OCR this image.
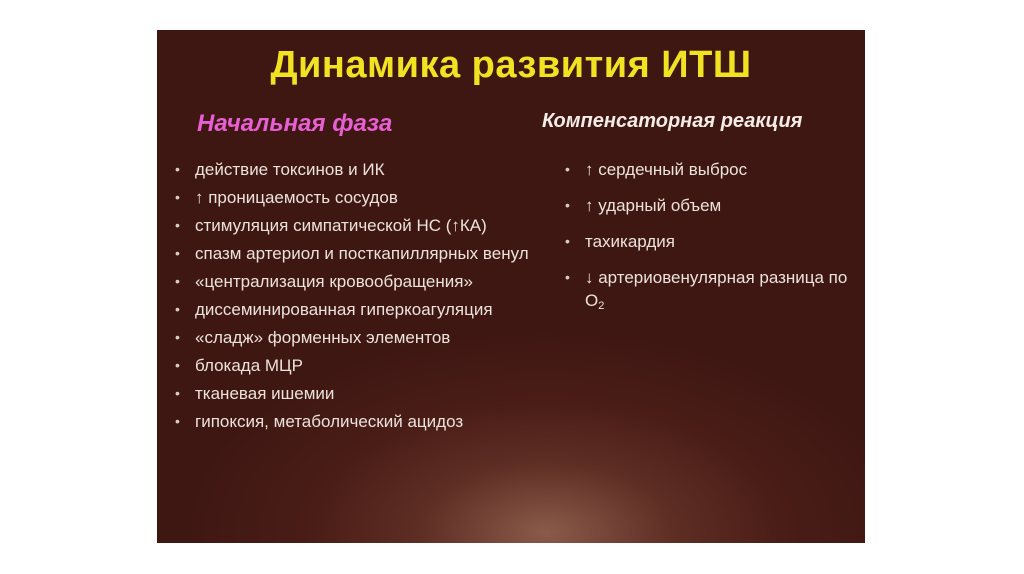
Динамика развития ИТШ
Начальная фаза	Компенсаторная реакция
• действие токсинов и ИК
• ↑ проницаемость сосудов
• стимуляция симпатической НС (↑КА)
• спазм артериол и посткапиллярных венул
• «централизация кровообращения»
• диссеминированная гиперкоагуляция
• «сладж» форменных элементов
• блокада МЦР
• тканевая ишемии
• гипоксия, метаболический ацидоз
• ↑ сердечный выброс
• ↑ ударный объем
• тахикардия
• ↓ артериовенулярная разница по $О_2$
